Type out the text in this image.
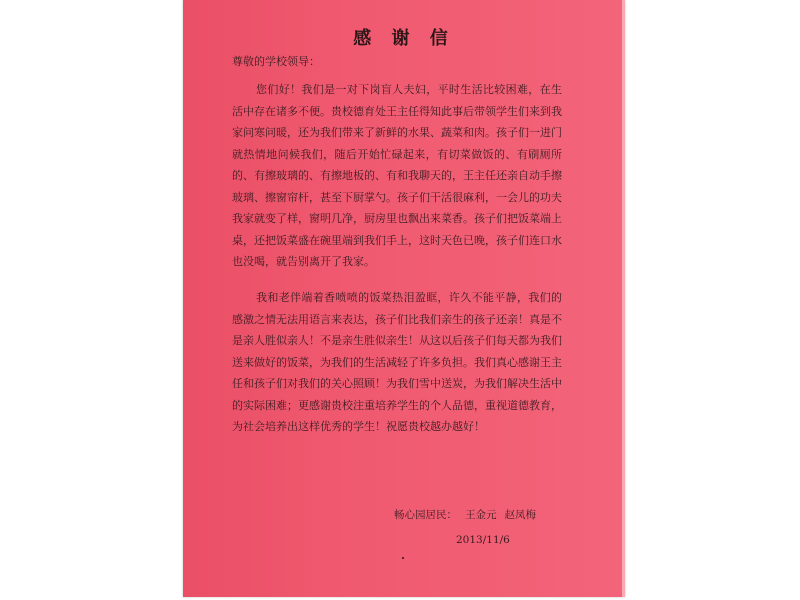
感 谢 信
尊敬的学校领导：
您们好！我们是一对下岗盲人夫妇，平时生活比较困难，在生活中存在诸多不便。贵校德育处王主任得知此事后带领学生们来到我家问寒问暖，还为我们带来了新鲜的水果、蔬菜和肉。孩子们一进门就热情地问候我们，随后开始忙碌起来，有切菜做饭的、有刷厕所的、有擦玻璃的、有擦地板的、有和我聊天的，王主任还亲自动手擦玻璃、擦窗帘杆，甚至下厨掌勺。孩子们干活很麻利，一会儿的功夫我家就变了样，窗明几净，厨房里也飘出来菜香。孩子们把饭菜端上桌，还把饭菜盛在碗里端到我们手上，这时天色已晚，孩子们连口水也没喝，就告别离开了我家。
我和老伴端着香喷喷的饭菜热泪盈眶，许久不能平静，我们的感激之情无法用语言来表达，孩子们比我们亲生的孩子还亲！真是不是亲人胜似亲人！不是亲生胜似亲生！从这以后孩子们每天都为我们送来做好的饭菜，为我们的生活减轻了许多负担。我们真心感谢王主任和孩子们对我们的关心照顾！为我们雪中送炭，为我们解决生活中的实际困难；更感谢贵校注重培养学生的个人品德，重视道德教育，为社会培养出这样优秀的学生！祝愿贵校越办越好！
畅心园居民： 王金元 赵凤梅
2013/11/6
